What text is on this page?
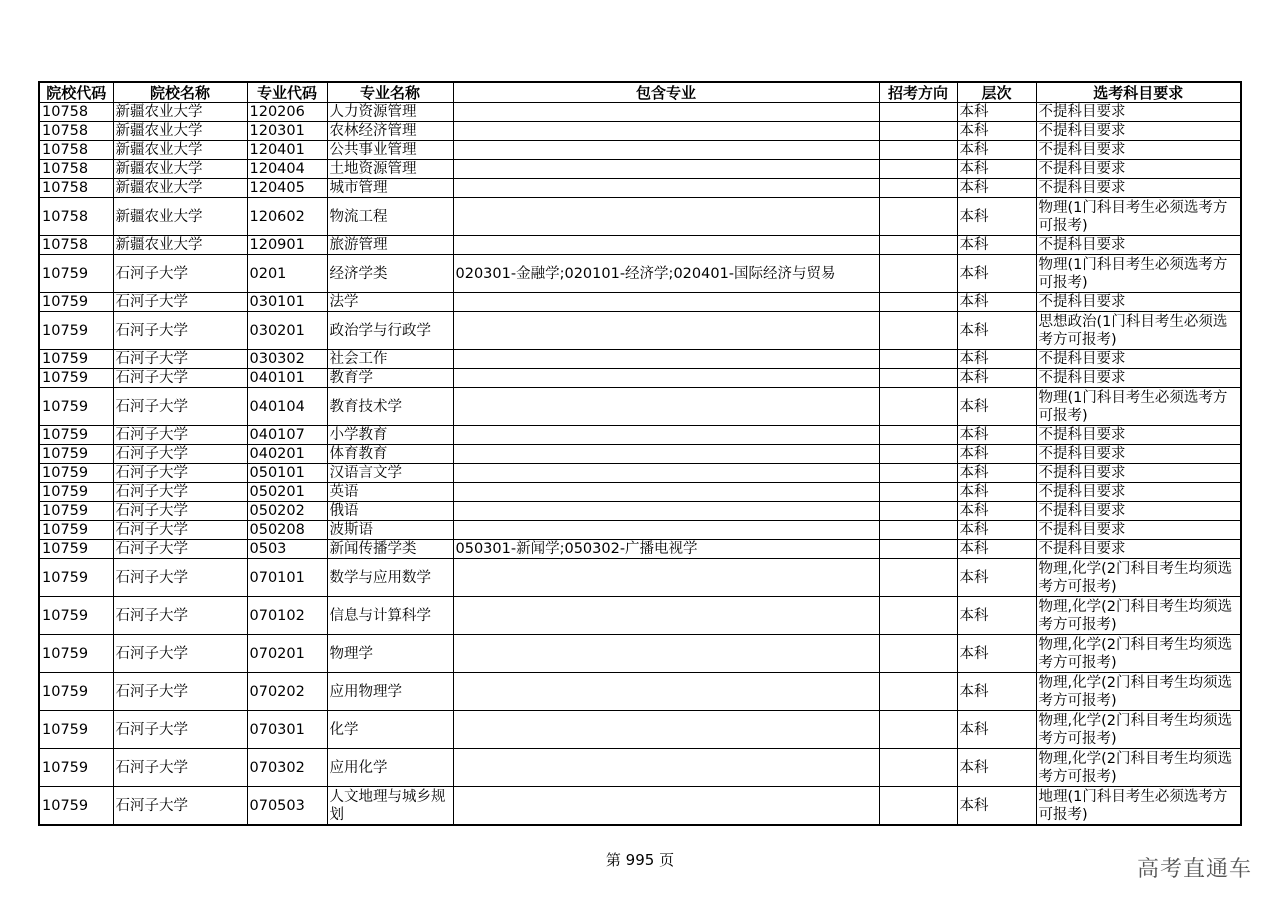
院校代码	院校名称	专业代码	专业名称	包含专业	招考方向	层次	选考科目要求
10758	新疆农业大学	120206	人力资源管理			本科	不提科目要求
10758	新疆农业大学	120301	农林经济管理			本科	不提科目要求
10758	新疆农业大学	120401	公共事业管理			本科	不提科目要求
10758	新疆农业大学	120404	土地资源管理			本科	不提科目要求
10758	新疆农业大学	120405	城市管理			本科	不提科目要求
10758	新疆农业大学	120602	物流工程			本科	物理(1门科目考生必须选考方可报考)
10758	新疆农业大学	120901	旅游管理			本科	不提科目要求
10759	石河子大学	0201	经济学类	020301-金融学;020101-经济学;020401-国际经济与贸易		本科	物理(1门科目考生必须选考方可报考)
10759	石河子大学	030101	法学			本科	不提科目要求
10759	石河子大学	030201	政治学与行政学			本科	思想政治(1门科目考生必须选考方可报考)
10759	石河子大学	030302	社会工作			本科	不提科目要求
10759	石河子大学	040101	教育学			本科	不提科目要求
10759	石河子大学	040104	教育技术学			本科	物理(1门科目考生必须选考方可报考)
10759	石河子大学	040107	小学教育			本科	不提科目要求
10759	石河子大学	040201	体育教育			本科	不提科目要求
10759	石河子大学	050101	汉语言文学			本科	不提科目要求
10759	石河子大学	050201	英语			本科	不提科目要求
10759	石河子大学	050202	俄语			本科	不提科目要求
10759	石河子大学	050208	波斯语			本科	不提科目要求
10759	石河子大学	0503	新闻传播学类	050301-新闻学;050302-广播电视学		本科	不提科目要求
10759	石河子大学	070101	数学与应用数学			本科	物理,化学(2门科目考生均须选考方可报考)
10759	石河子大学	070102	信息与计算科学			本科	物理,化学(2门科目考生均须选考方可报考)
10759	石河子大学	070201	物理学			本科	物理,化学(2门科目考生均须选考方可报考)
10759	石河子大学	070202	应用物理学			本科	物理,化学(2门科目考生均须选考方可报考)
10759	石河子大学	070301	化学			本科	物理,化学(2门科目考生均须选考方可报考)
10759	石河子大学	070302	应用化学			本科	物理,化学(2门科目考生均须选考方可报考)
10759	石河子大学	070503	人文地理与城乡规划			本科	地理(1门科目考生必须选考方可报考)
第 995 页	高考直通车
